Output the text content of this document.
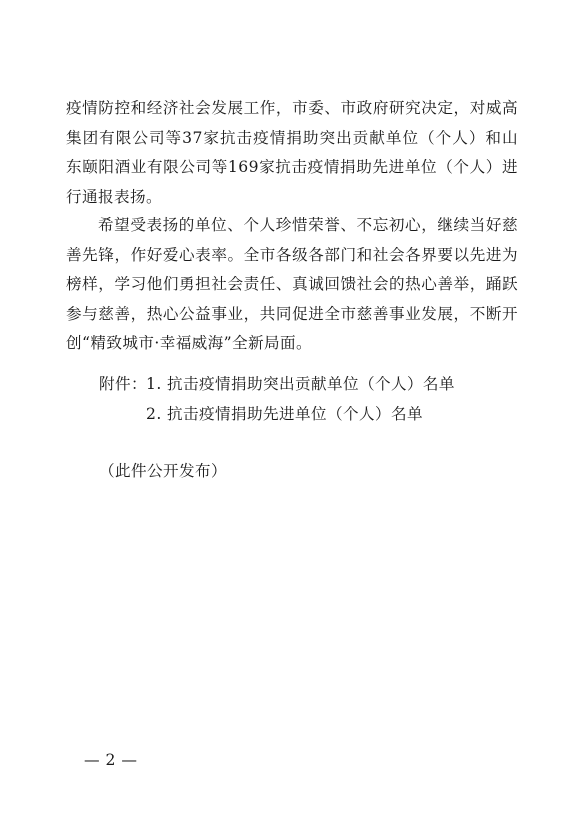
疫情防控和经济社会发展工作，市委、市政府研究决定，对威高集团有限公司等37家抗击疫情捐助突出贡献单位（个人）和山东颐阳酒业有限公司等169家抗击疫情捐助先进单位（个人）进行通报表扬。

希望受表扬的单位、个人珍惜荣誉、不忘初心，继续当好慈善先锋，作好爱心表率。全市各级各部门和社会各界要以先进为榜样，学习他们勇担社会责任、真诚回馈社会的热心善举，踊跃参与慈善，热心公益事业，共同促进全市慈善事业发展，不断开创“精致城市·幸福威海”全新局面。

附件： 1. 抗击疫情捐助突出贡献单位（个人）名单
2. 抗击疫情捐助先进单位（个人）名单
（此件公开发布）
— 2 —
